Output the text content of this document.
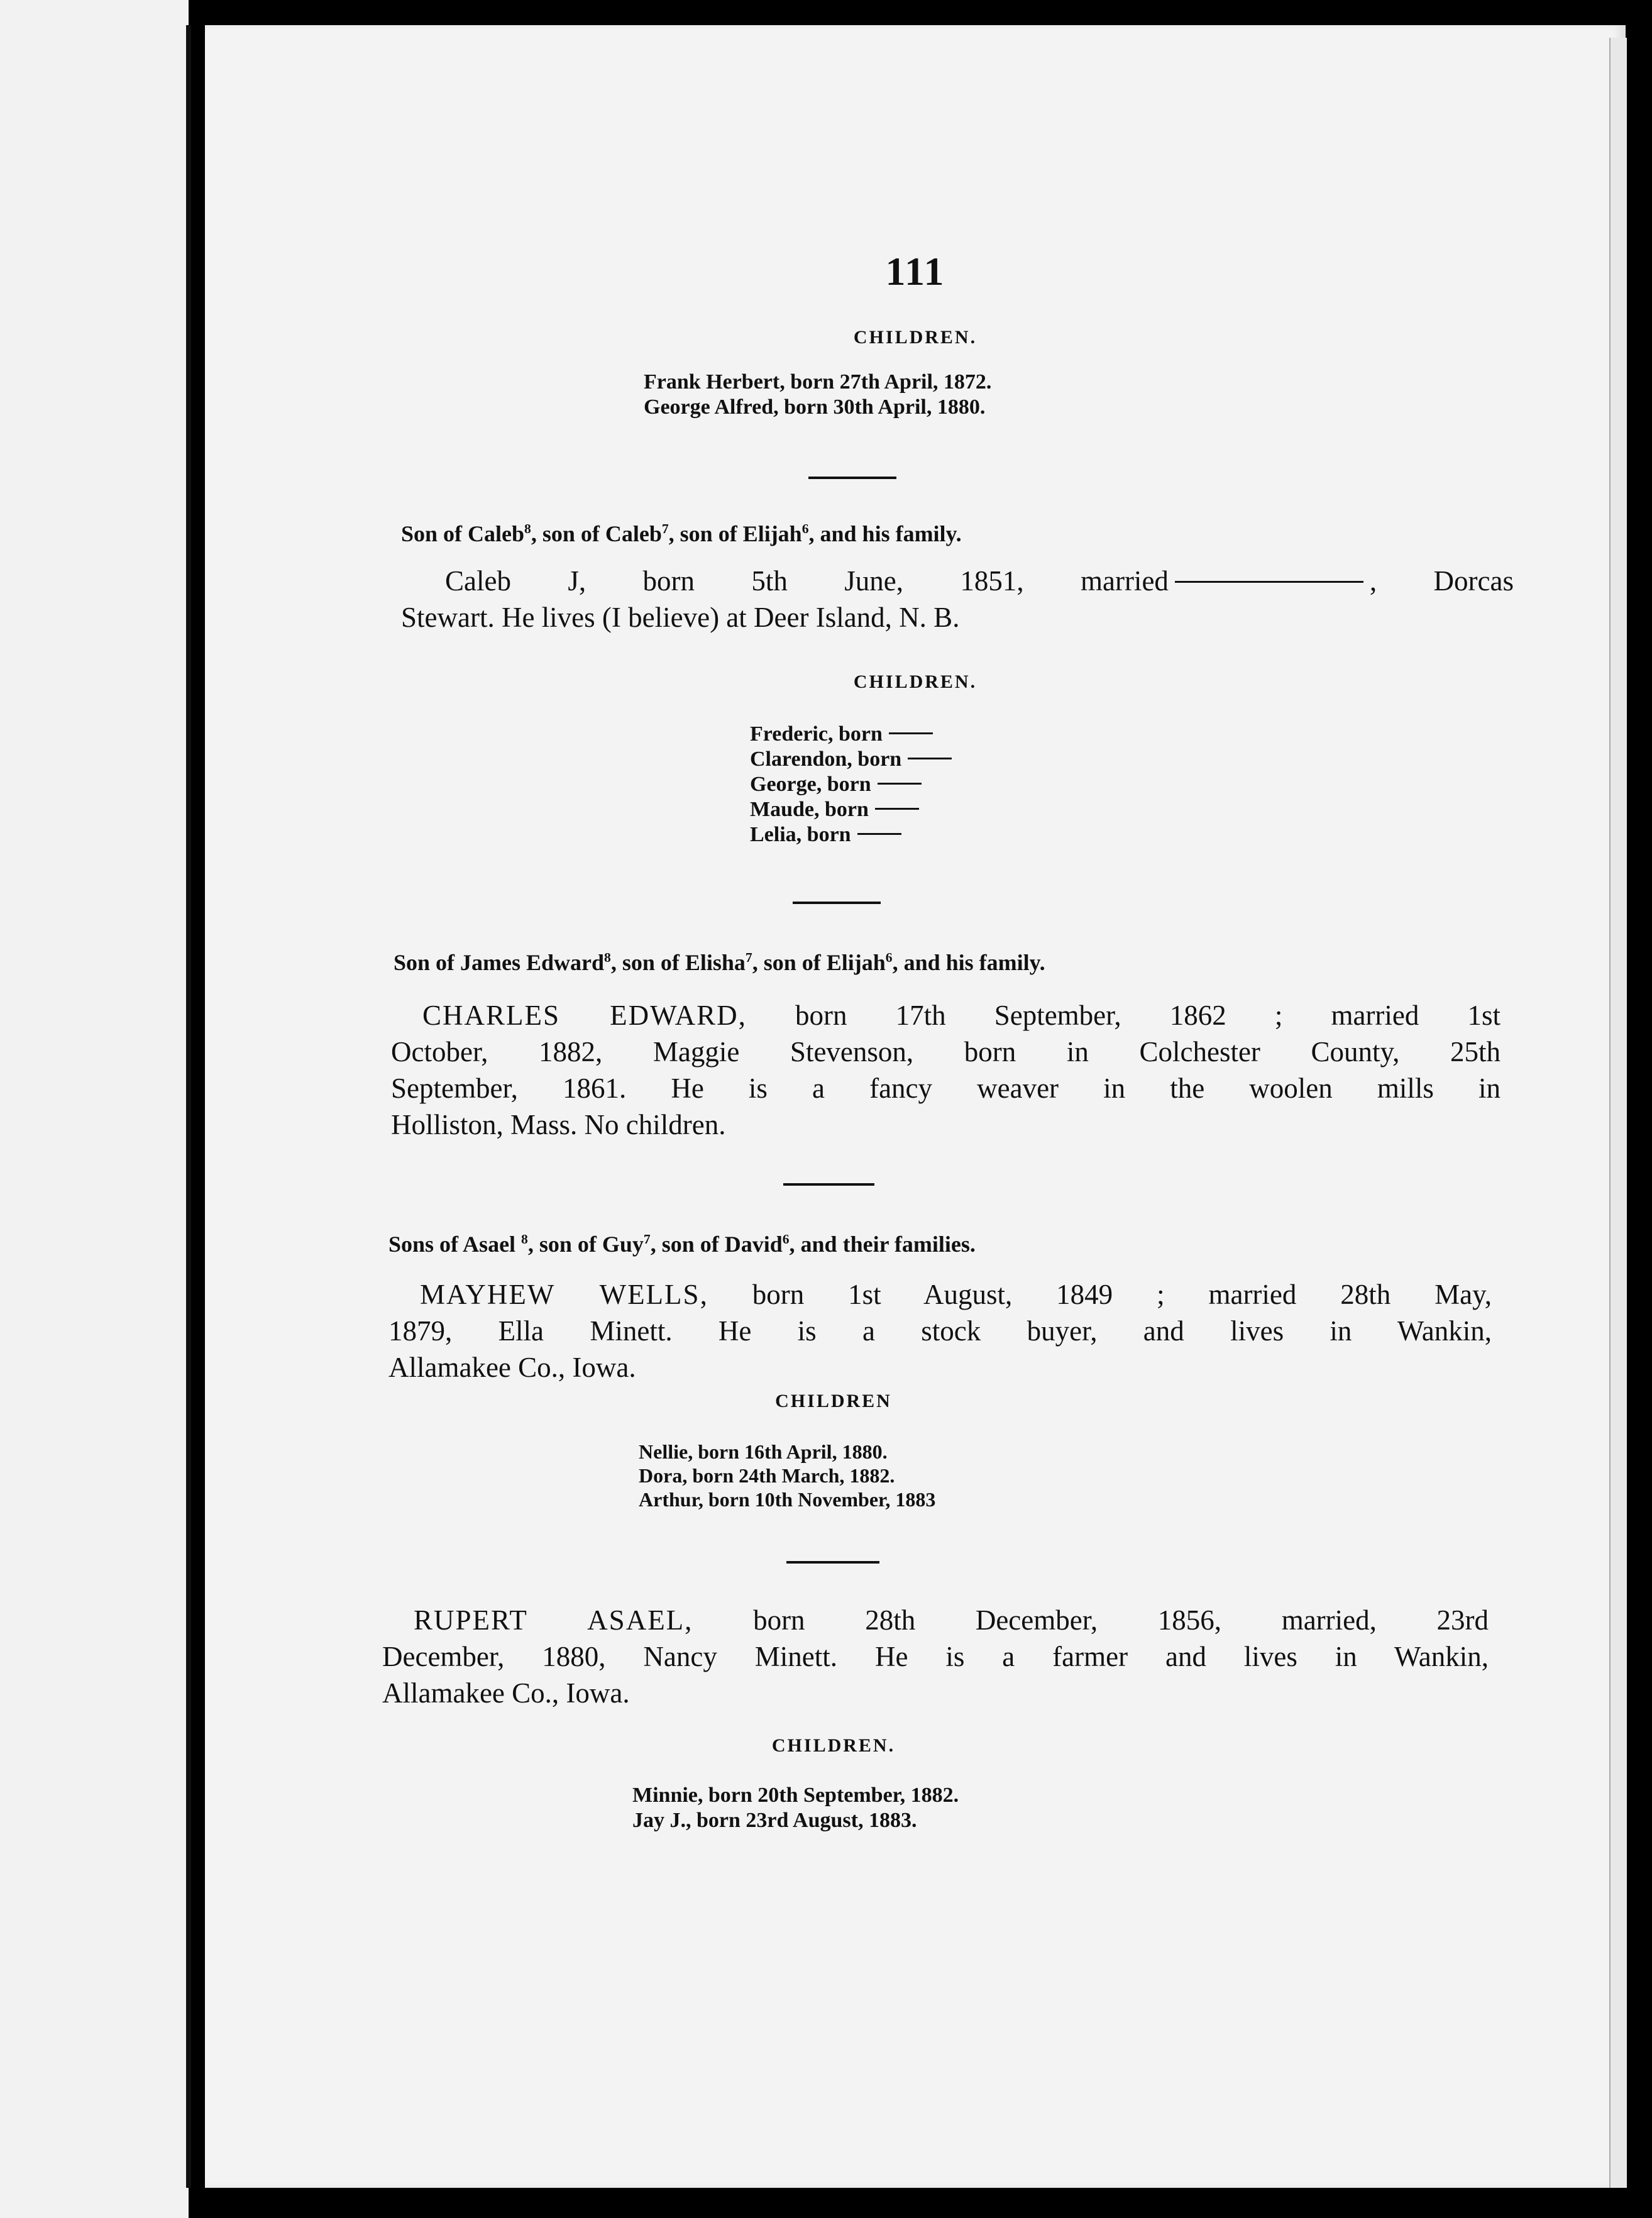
111
CHILDREN.
Frank Herbert, born 27th April, 1872.
George Alfred, born 30th April, 1880.
Son of Caleb$^8$, son of Caleb$^7$, son of Elijah$^6$, and his family.
Caleb J, born 5th June, 1851, married	, Dorcas
Stewart. He lives (I believe) at Deer Island, N. B.
CHILDREN.
Frederic, born
Clarendon, born
George, born
Maude, born
Lelia, born
Son of James Edward$^8$, son of Elisha$^7$, son of Elijah$^6$, and his family.
CHARLES EDWARD, born 17th September, 1862 ; married 1st
October, 1882, Maggie Stevenson, born in Colchester County, 25th
September, 1861. He is a fancy weaver in the woolen mills in
Holliston, Mass. No children.
Sons of Asael $^8$, son of Guy$^7$, son of David$^6$, and their families.
MAYHEW WELLS, born 1st August, 1849 ; married 28th May,
1879, Ella Minett. He is a stock buyer, and lives in Wankin,
Allamakee Co., Iowa.
CHILDREN
Nellie, born 16th April, 1880.
Dora, born 24th March, 1882.
Arthur, born 10th November, 1883
RUPERT ASAEL, born 28th December, 1856, married, 23rd
December, 1880, Nancy Minett. He is a farmer and lives in Wankin,
Allamakee Co., Iowa.
CHILDREN.
Minnie, born 20th September, 1882.
Jay J., born 23rd August, 1883.
